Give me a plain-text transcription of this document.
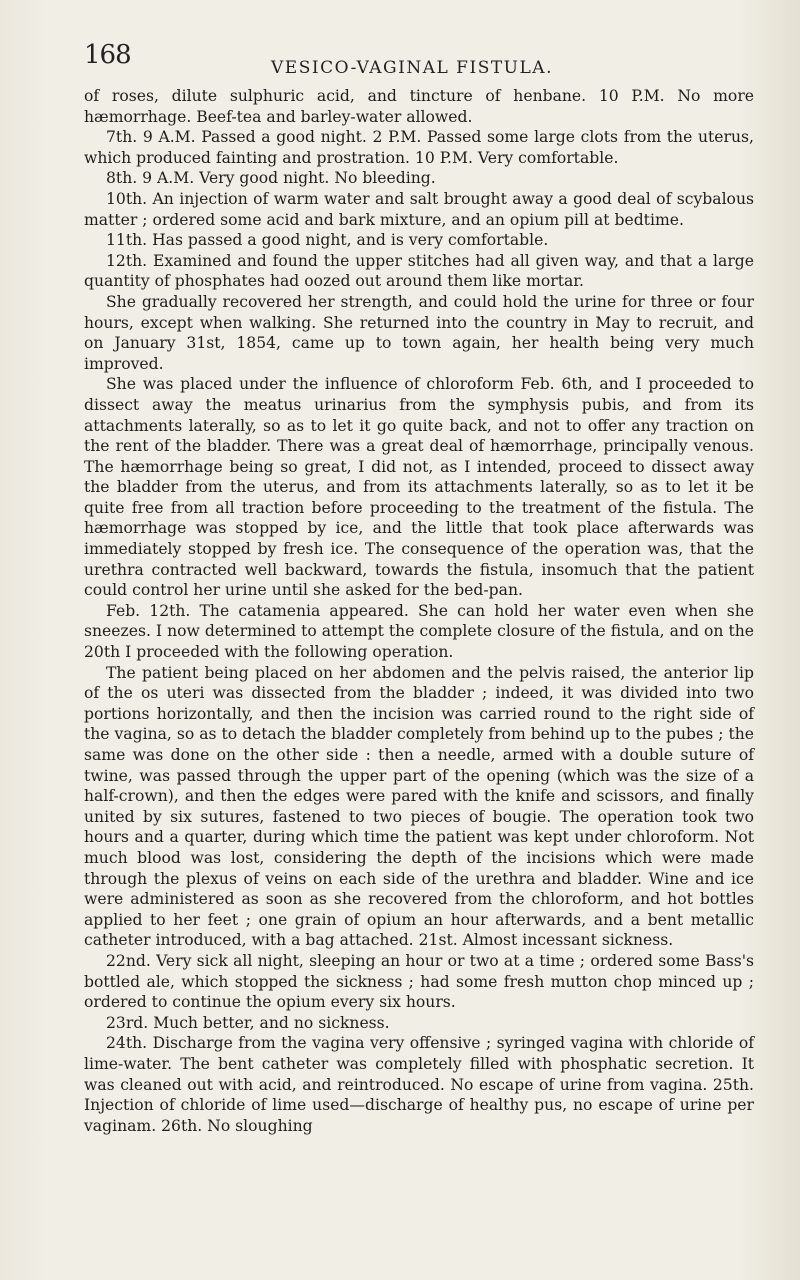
168	VESICO-VAGINAL FISTULA.

of roses, dilute sulphuric acid, and tincture of henbane. 10 P.M. No more hæmorrhage. Beef-tea and barley-water allowed.

7th. 9 A.M. Passed a good night. 2 P.M. Passed some large clots from the uterus, which produced fainting and prostration. 10 P.M. Very comfortable.

8th. 9 A.M. Very good night. No bleeding.

10th. An injection of warm water and salt brought away a good deal of scybalous matter ; ordered some acid and bark mixture, and an opium pill at bedtime.

11th. Has passed a good night, and is very comfortable.

12th. Examined and found the upper stitches had all given way, and that a large quantity of phosphates had oozed out around them like mortar.

She gradually recovered her strength, and could hold the urine for three or four hours, except when walking. She returned into the country in May to recruit, and on January 31st, 1854, came up to town again, her health being very much improved.

She was placed under the influence of chloroform Feb. 6th, and I proceeded to dissect away the meatus urinarius from the symphysis pubis, and from its attachments laterally, so as to let it go quite back, and not to offer any traction on the rent of the bladder. There was a great deal of hæmorrhage, principally venous. The hæmorrhage being so great, I did not, as I intended, proceed to dissect away the bladder from the uterus, and from its attachments laterally, so as to let it be quite free from all traction before proceeding to the treatment of the fistula. The hæmorrhage was stopped by ice, and the little that took place afterwards was immediately stopped by fresh ice. The consequence of the operation was, that the urethra contracted well backward, towards the fistula, insomuch that the patient could control her urine until she asked for the bed-pan.

Feb. 12th. The catamenia appeared. She can hold her water even when she sneezes. I now determined to attempt the complete closure of the fistula, and on the 20th I proceeded with the following operation.

The patient being placed on her abdomen and the pelvis raised, the anterior lip of the os uteri was dissected from the bladder ; indeed, it was divided into two portions horizontally, and then the incision was carried round to the right side of the vagina, so as to detach the bladder completely from behind up to the pubes ; the same was done on the other side : then a needle, armed with a double suture of twine, was passed through the upper part of the opening (which was the size of a half-crown), and then the edges were pared with the knife and scissors, and finally united by six sutures, fastened to two pieces of bougie. The operation took two hours and a quarter, during which time the patient was kept under chloroform. Not much blood was lost, considering the depth of the incisions which were made through the plexus of veins on each side of the urethra and bladder. Wine and ice were administered as soon as she recovered from the chloroform, and hot bottles applied to her feet ; one grain of opium an hour afterwards, and a bent metallic catheter introduced, with a bag attached. 21st. Almost incessant sickness.

22nd. Very sick all night, sleeping an hour or two at a time ; ordered some Bass's bottled ale, which stopped the sickness ; had some fresh mutton chop minced up ; ordered to continue the opium every six hours.

23rd. Much better, and no sickness.

24th. Discharge from the vagina very offensive ; syringed vagina with chloride of lime-water. The bent catheter was completely filled with phosphatic secretion. It was cleaned out with acid, and reintroduced. No escape of urine from vagina. 25th. Injection of chloride of lime used—discharge of healthy pus, no escape of urine per vaginam. 26th. No sloughing
